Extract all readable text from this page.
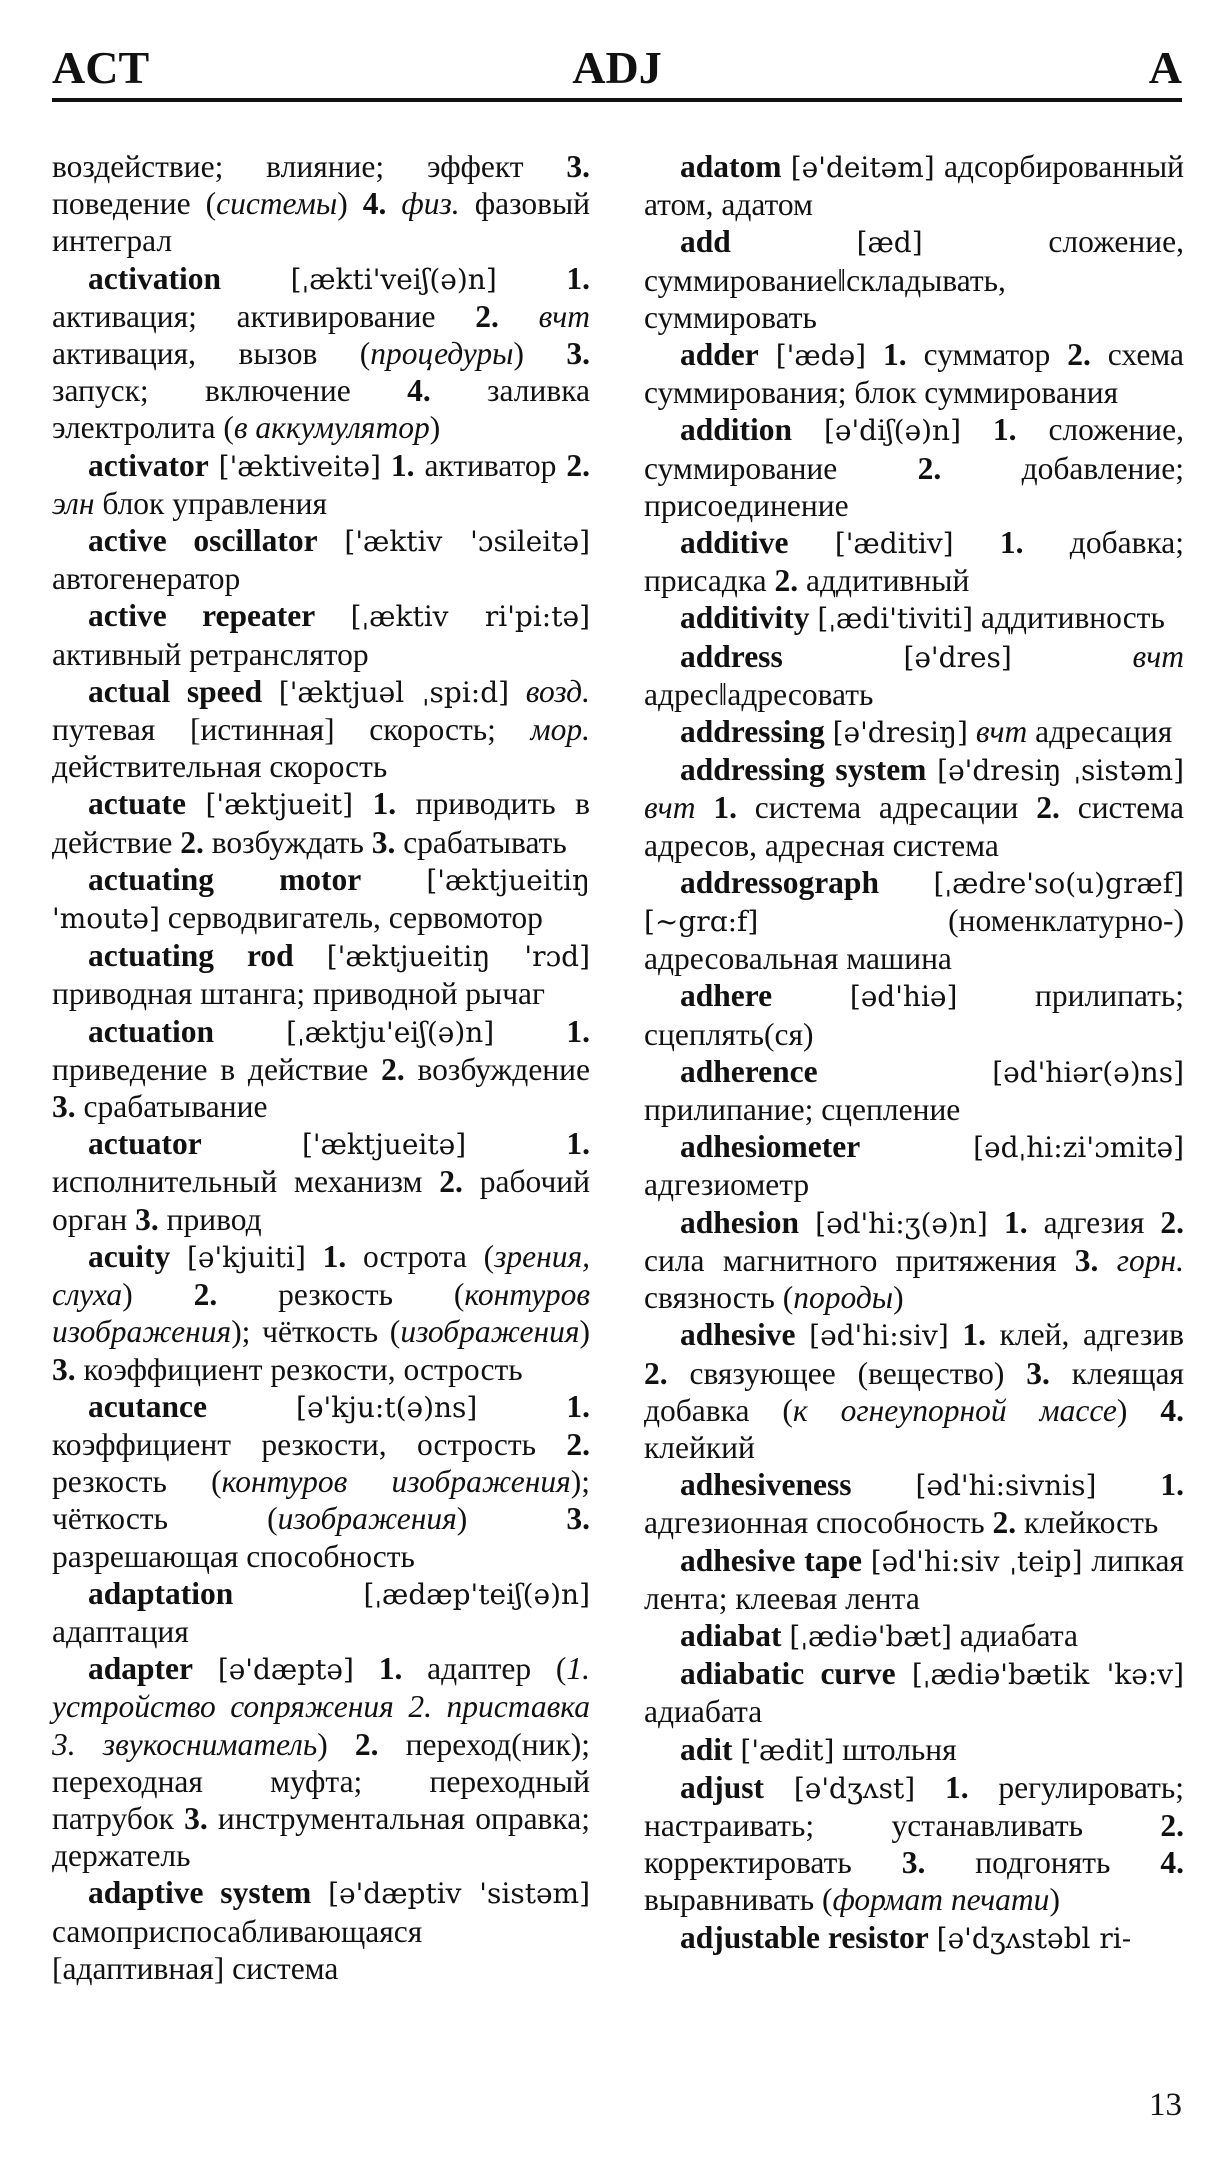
ACT	ADJ	A

воздействие; влияние; эффект 3. поведение (системы) 4. физ. фазовый интеграл

activation [ˌækti'veiʃ(ə)n] 1. активация; активирование 2. вчт активация, вызов (процедуры) 3. запуск; включение 4. заливка электролита (в аккумулятор)

activator ['æktiveitə] 1. активатор 2. элн блок управления

active oscillator ['æktiv 'ɔsileitə] автогенератор

active repeater [ˌæktiv ri'pi:tə] активный ретранслятор

actual speed ['æktjuəl ˌspi:d] возд. путевая [истинная] скорость; мор. действительная скорость

actuate ['æktjueit] 1. приводить в действие 2. возбуждать 3. срабатывать

actuating motor ['æktjueitiŋ 'moutə] серводвигатель, сервомотор

actuating rod ['æktjueitiŋ 'rɔd] приводная штанга; приводной рычаг

actuation	[ˌæktju'eiʃ(ə)n] 1. приведение в действие 2. возбуждение 3. срабатывание

actuator	['æktjueitə]	1. исполнительный механизм 2. рабочий орган 3. привод

acuity [ə'kjuiti] 1. острота (зрения, слуха) 2. резкость (контуров изображения); чёткость (изображения) 3. коэффициент резкости, острость

acutance	[ə'kju:t(ə)ns]	1. коэффициент резкости, острость 2. резкость (контуров изображения); чёткость (изображения) 3. разрешающая способность

adaptation	[ˌædæp'teiʃ(ə)n] адаптация

adapter [ə'dæptə] 1. адаптер (1. устройство сопряжения 2. приставка 3. звукосниматель) 2. переход(ник); переходная муфта; переходный патрубок 3. инструментальная оправка; держатель

adaptive system [ə'dæptiv 'sistəm] самоприспосабливающаяся [адаптивная] система

adatom [ə'deitəm] адсорбированный атом, адатом

add	[æd] сложение, суммирование‖складывать, суммировать

adder ['ædə] 1. сумматор 2. схема суммирования; блок суммирования

addition [ə'diʃ(ə)n] 1. сложение, суммирование 2. добавление; присоединение

additive ['æditiv] 1. добавка; присадка 2. аддитивный

additivity [ˌædi'tiviti] аддитивность

address	[ə'dres]	вчт адрес‖адресовать

addressing [ə'dresiŋ] вчт адресация

addressing system [ə'dresiŋ ˌsistəm] вчт 1. система адресации 2. система адресов, адресная система

addressograph [ˌædre'so(u)græf] [~grɑ:f] (номенклатурно-) адресовальная машина

adhere	[əd'hiə] прилипать; сцеплять(ся)

adherence	[əd'hiər(ə)ns] прилипание; сцепление

adhesiometer	[ədˌhi:zi'ɔmitə] адгезиометр

adhesion [əd'hi:ʒ(ə)n] 1. адгезия 2. сила магнитного притяжения 3. горн. связность (породы)

adhesive [əd'hi:siv] 1. клей, адгезив 2. связующее (вещество) 3. клеящая добавка (к огнеупорной массе) 4. клейкий

adhesiveness [əd'hi:sivnis] 1. адгезионная способность 2. клейкость

adhesive tape [əd'hi:siv ˌteip] липкая лента; клеевая лента

adiabat [ˌædiə'bæt] адиабата

adiabatic curve [ˌædiə'bætik 'kə:v] адиабата

adit ['ædit] штольня

adjust [ə'dʒʌst] 1. регулировать; настраивать; устанавливать 2. корректировать 3. подгонять 4. выравнивать (формат печати)

adjustable resistor [ə'dʒʌstəbl ri-

13
